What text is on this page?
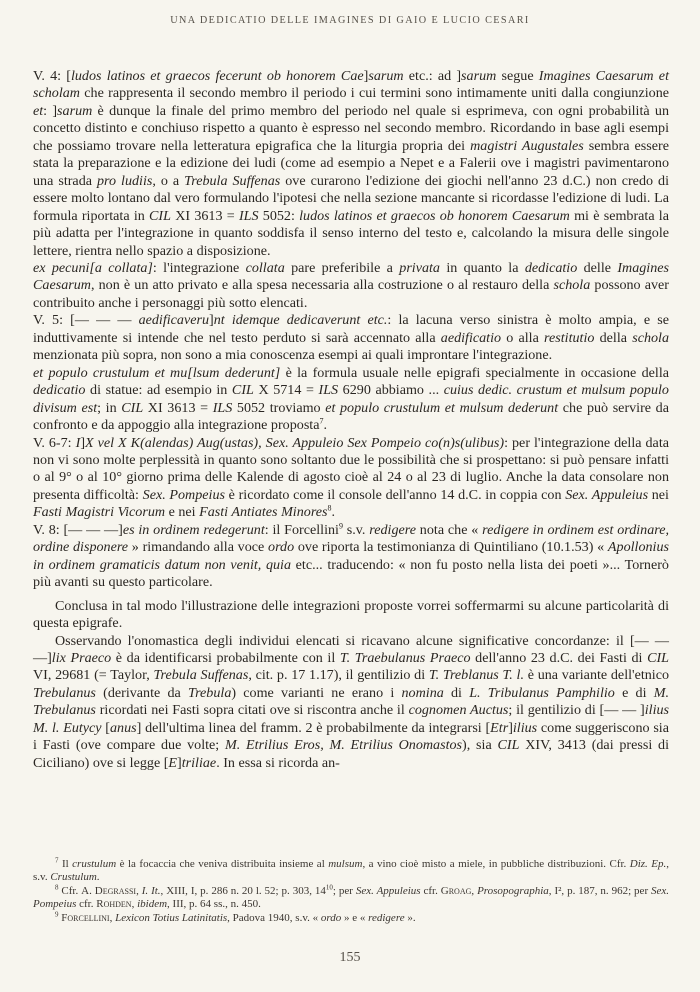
UNA DEDICATIO DELLE IMAGINES DI GAIO E LUCIO CESARI

V. 4: [ludos latinos et graecos fecerunt ob honorem Cae]sarum etc.: ad ]sarum segue Imagines Caesarum et scholam che rappresenta il secondo membro il periodo i cui termini sono intimamente uniti dalla congiunzione et: ]sarum è dunque la finale del primo membro del periodo nel quale si esprimeva, con ogni probabilità un concetto distinto e conchiuso rispetto a quanto è espresso nel secondo membro. Ricordando in base agli esempi che possiamo trovare nella letteratura epigrafica che la liturgia propria dei magistri Augustales sembra essere stata la preparazione e la edizione dei ludi (come ad esempio a Nepet e a Falerii ove i magistri pavimentarono una strada pro ludiis, o a Trebula Suffenas ove curarono l'edizione dei giochi nell'anno 23 d.C.) non credo di essere molto lontano dal vero formulando l'ipotesi che nella sezione mancante si ricordasse l'edizione di ludi. La formula riportata in CIL XI 3613 = ILS 5052: ludos latinos et graecos ob honorem Caesarum mi è sembrata la più adatta per l'integrazione in quanto soddisfa il senso interno del testo e, calcolando la misura delle singole lettere, rientra nello spazio a disposizione.

ex pecuni[a collata]: l'integrazione collata pare preferibile a privata in quanto la dedicatio delle Imagines Caesarum, non è un atto privato e alla spesa necessaria alla costruzione o al restauro della schola possono aver contribuito anche i personaggi più sotto elencati.

V. 5: [— — — aedificaveru]nt idemque dedicaverunt etc.: la lacuna verso sinistra è molto ampia, e se induttivamente si intende che nel testo perduto si sarà accennato alla aedificatio o alla restitutio della schola menzionata più sopra, non sono a mia conoscenza esempi ai quali improntare l'integrazione.

et populo crustulum et mu[lsum dederunt] è la formula usuale nelle epigrafi specialmente in occasione della dedicatio di statue: ad esempio in CIL X 5714 = ILS 6290 abbiamo ... cuius dedic. crustum et mulsum populo divisum est; in CIL XI 3613 = ILS 5052 troviamo et populo crustulum et mulsum dederunt che può servire da confronto e da appoggio alla integrazione proposta$^7$.

V. 6-7: I]X vel X K(alendas) Aug(ustas), Sex. Appuleio Sex Pompeio co(n)s(ulibus): per l'integrazione della data non vi sono molte perplessità in quanto sono soltanto due le possibilità che si prospettano: si può pensare infatti o al 9° o al 10° giorno prima delle Kalende di agosto cioè al 24 o al 23 di luglio. Anche la data consolare non presenta difficoltà: Sex. Pompeius è ricordato come il console dell'anno 14 d.C. in coppia con Sex. Appuleius nei Fasti Magistri Vicorum e nei Fasti Antiates Minores$^8$.

V. 8: [— — —]es in ordinem redegerunt: il Forcellini$^9$ s.v. redigere nota che « redigere in ordinem est ordinare, ordine disponere » rimandando alla voce ordo ove riporta la testimonianza di Quintiliano (10.1.53) « Apollonius in ordinem gramaticis datum non venit, quia etc... traducendo: « non fu posto nella lista dei poeti »... Tornerò più avanti su questo particolare.

Conclusa in tal modo l'illustrazione delle integrazioni proposte vorrei soffermarmi su alcune particolarità di questa epigrafe.

Osservando l'onomastica degli individui elencati si ricavano alcune significative concordanze: il [— — —]lix Praeco è da identificarsi probabilmente con il T. Traebulanus Praeco dell'anno 23 d.C. dei Fasti di CIL VI, 29681 (= Taylor, Trebula Suffenas, cit. p. 17 1.17), il gentilizio di T. Treblanus T. l. è una variante dell'etnico Trebulanus (derivante da Trebula) come varianti ne erano i nomina di L. Tribulanus Pamphilio e di M. Trebulanus ricordati nei Fasti sopra citati ove si riscontra anche il cognomen Auctus; il gentilizio di [— — ]ilius M. l. Eutycy [anus] dell'ultima linea del framm. 2 è probabilmente da integrarsi [Etr]ilius come suggeriscono sia i Fasti (ove compare due volte; M. Etrilius Eros, M. Etrilius Onomastos), sia CIL XIV, 3413 (dai pressi di Ciciliano) ove si legge [E]triliae. In essa si ricorda an-

$^7$ Il crustulum è la focaccia che veniva distribuita insieme al mulsum, a vino cioè misto a miele, in pubbliche distribuzioni. Cfr. Diz. Ep., s.v. Crustulum.

$^8$ Cfr. A. Degrassi, I. It., XIII, I, p. 286 n. 20 l. 52; p. 303, $14^{10}$; per Sex. Appuleius cfr. Groag, Prosopographia, I², p. 187, n. 962; per Sex. Pompeius cfr. Rohden, ibidem, III, p. 64 ss., n. 450.

$^9$ Forcellini, Lexicon Totius Latinitatis, Padova 1940, s.v. « ordo » e « redigere ».

155
